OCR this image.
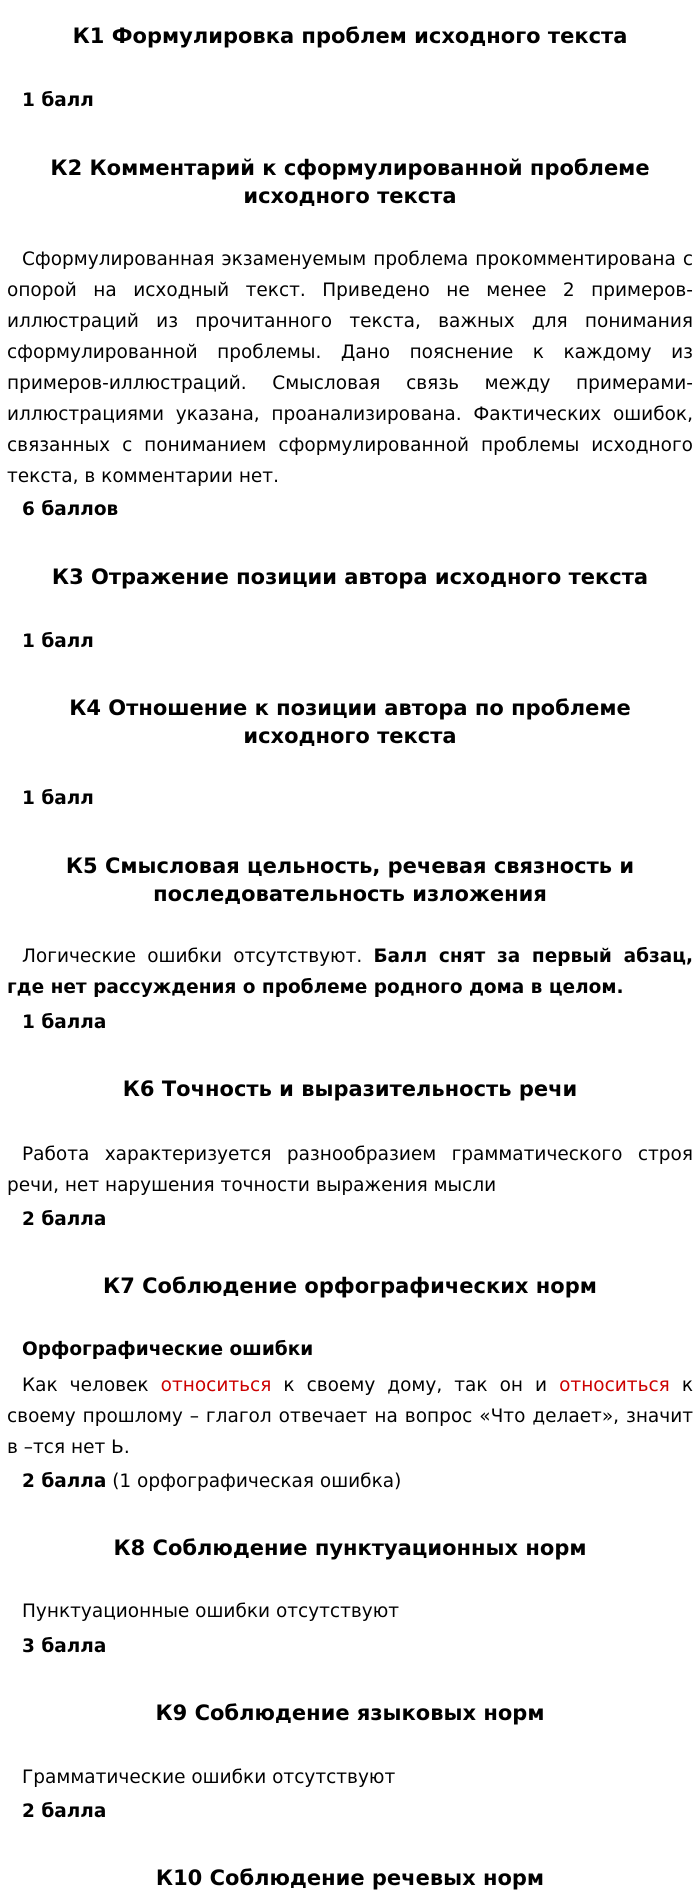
К1 Формулировка проблем исходного текста

1 балл

К2 Комментарий к сформулированной проблеме
исходного текста

Сформулированная экзаменуемым проблема прокомментирована с опорой на исходный текст. Приведено не менее 2 примеров-иллюстраций из прочитанного текста, важных для понимания сформулированной проблемы. Дано пояснение к каждому из примеров-иллюстраций. Смысловая связь между примерами-иллюстрациями указана, проанализирована. Фактических ошибок, связанных с пониманием сформулированной проблемы исходного текста, в комментарии нет.

6 баллов

К3 Отражение позиции автора исходного текста

1 балл

К4 Отношение к позиции автора по проблеме
исходного текста

1 балл

К5 Смысловая цельность, речевая связность и
последовательность изложения

Логические ошибки отсутствуют. Балл снят за первый абзац, где нет рассуждения о проблеме родного дома в целом.

1 балла

К6 Точность и выразительность речи

Работа характеризуется разнообразием грамматического строя речи, нет нарушения точности выражения мысли

2 балла

К7 Соблюдение орфографических норм

Орфографические ошибки

Как человек относиться к своему дому, так он и относиться к своему прошлому – глагол отвечает на вопрос «Что делает», значит в –тся нет Ь.

2 балла (1 орфографическая ошибка)

К8 Соблюдение пунктуационных норм

Пунктуационные ошибки отсутствуют

3 балла

К9 Соблюдение языковых норм

Грамматические ошибки отсутствуют

2 балла

К10 Соблюдение речевых норм
